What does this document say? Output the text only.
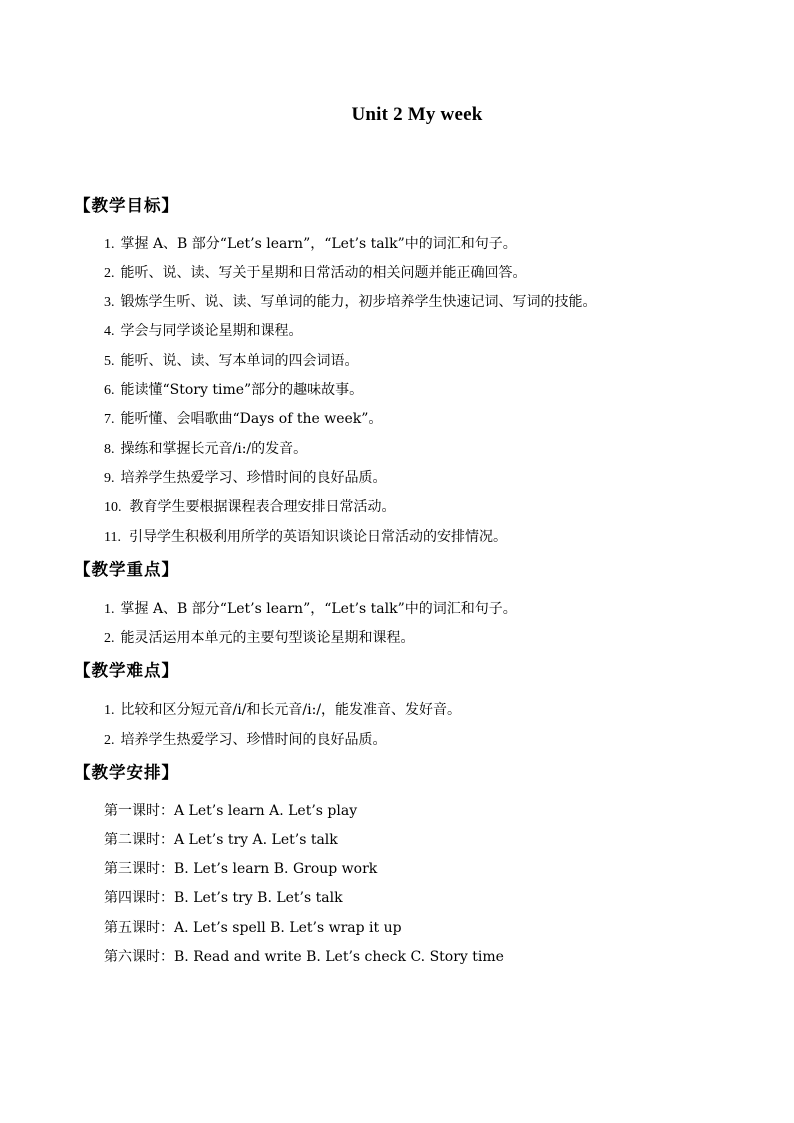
Unit 2 My week
【教学目标】
1. 掌握 A、B 部分“Let’s learn”，“Let’s talk”中的词汇和句子。
2. 能听、说、读、写关于星期和日常活动的相关问题并能正确回答。
3. 锻炼学生听、说、读、写单词的能力，初步培养学生快速记词、写词的技能。
4. 学会与同学谈论星期和课程。
5. 能听、说、读、写本单词的四会词语。
6. 能读懂“Story time”部分的趣味故事。
7. 能听懂、会唱歌曲“Days of the week”。
8. 操练和掌握长元音/i:/的发音。
9. 培养学生热爱学习、珍惜时间的良好品质。
10. 教育学生要根据课程表合理安排日常活动。
11. 引导学生积极利用所学的英语知识谈论日常活动的安排情况。
【教学重点】
1. 掌握 A、B 部分“Let’s learn”，“Let’s talk”中的词汇和句子。
2. 能灵活运用本单元的主要句型谈论星期和课程。
【教学难点】
1. 比较和区分短元音/i/和长元音/i:/，能发准音、发好音。
2. 培养学生热爱学习、珍惜时间的良好品质。
【教学安排】
第一课时：A Let’s learn A. Let’s play
第二课时：A Let’s try A. Let’s talk
第三课时：B. Let’s learn B. Group work
第四课时：B. Let’s try B. Let’s talk
第五课时：A. Let’s spell B. Let’s wrap it up
第六课时：B. Read and write B. Let’s check C. Story time
